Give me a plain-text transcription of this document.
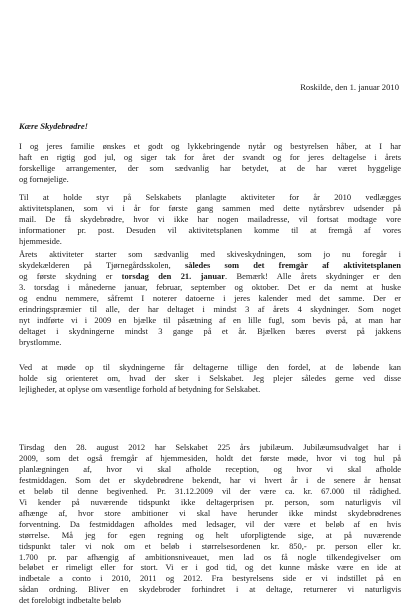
Roskilde, den 1. januar 2010
Kære Skydebrødre!
I og jeres familie ønskes et godt og lykkebringende nytår og bestyrelsen håber, at I har
haft en rigtig god jul, og siger tak for året der svandt og for jeres deltagelse i årets
forskellige arrangementer, der som sædvanlig har betydet, at de har været hyggelige
og fornøjelige.
Til at holde styr på Selskabets planlagte aktiviteter for år 2010 vedlægges
aktivitetsplanen, som vi i år for første gang sammen med dette nytårsbrev udsender på
mail. De få skydebrødre, hvor vi ikke har nogen mailadresse, vil fortsat modtage vore
informationer pr. post. Desuden vil aktivitetsplanen komme til at fremgå af vores
hjemmeside.
Årets aktiviteter starter som sædvanlig med skiveskydningen, som jo nu foregår i
skydekælderen på Tjørnegårdsskolen, således som det fremgår af aktivitetsplanen
og første skydning er torsdag den 21. januar. Bemærk! Alle årets skydninger er den
3. torsdag i månederne januar, februar, september og oktober. Det er da nemt at huske
og endnu nemmere, såfremt I noterer datoerne i jeres kalender med det samme. Der er
erindringspræmier til alle, der har deltaget i mindst 3 af årets 4 skydninger. Som noget
nyt indførte vi i 2009 en bjælke til påsætning af en lille fugl, som bevis på, at man har
deltaget i skydningerne mindst 3 gange på et år. Bjælken bæres øverst på jakkens
brystlomme.
Ved at møde op til skydningerne får deltagerne tillige den fordel, at de løbende kan
holde sig orienteret om, hvad der sker i Selskabet. Jeg plejer således gerne ved disse
lejligheder, at oplyse om væsentlige forhold af betydning for Selskabet.
Tirsdag den 28. august 2012 har Selskabet 225 års jubilæum. Jubilæumsudvalget har i
2009, som det også fremgår af hjemmesiden, holdt det første møde, hvor vi tog hul på
planlægningen af, hvor vi skal afholde reception, og hvor vi skal afholde
festmiddagen. Som det er skydebrødrene bekendt, har vi hvert år i de senere år hensat
et beløb til denne begivenhed. Pr. 31.12.2009 vil der være ca. kr. 67.000 til rådighed.
Vi kender på nuværende tidspunkt ikke deltagerprisen pr. person, som naturligvis vil
afhænge af, hvor store ambitioner vi skal have herunder ikke mindst skydebrødrenes
forventning. Da festmiddagen afholdes med ledsager, vil der være et beløb af en hvis
størrelse. Må jeg for egen regning og helt uforpligtende sige, at på nuværende
tidspunkt taler vi nok om et beløb i størrelsesordenen kr. 850,- pr. person eller kr.
1.700 pr. par afhængig af ambitionsniveauet, men lad os få nogle tilkendegivelser om
beløbet er rimeligt eller for stort. Vi er i god tid, og det kunne måske være en ide at
indbetale a conto i 2010, 2011 og 2012. Fra bestyrelsens side er vi indstillet på en
sådan ordning. Bliver en skydebroder forhindret i at deltage, returnerer vi naturligvis
det forelobigt indbetalte beløb
